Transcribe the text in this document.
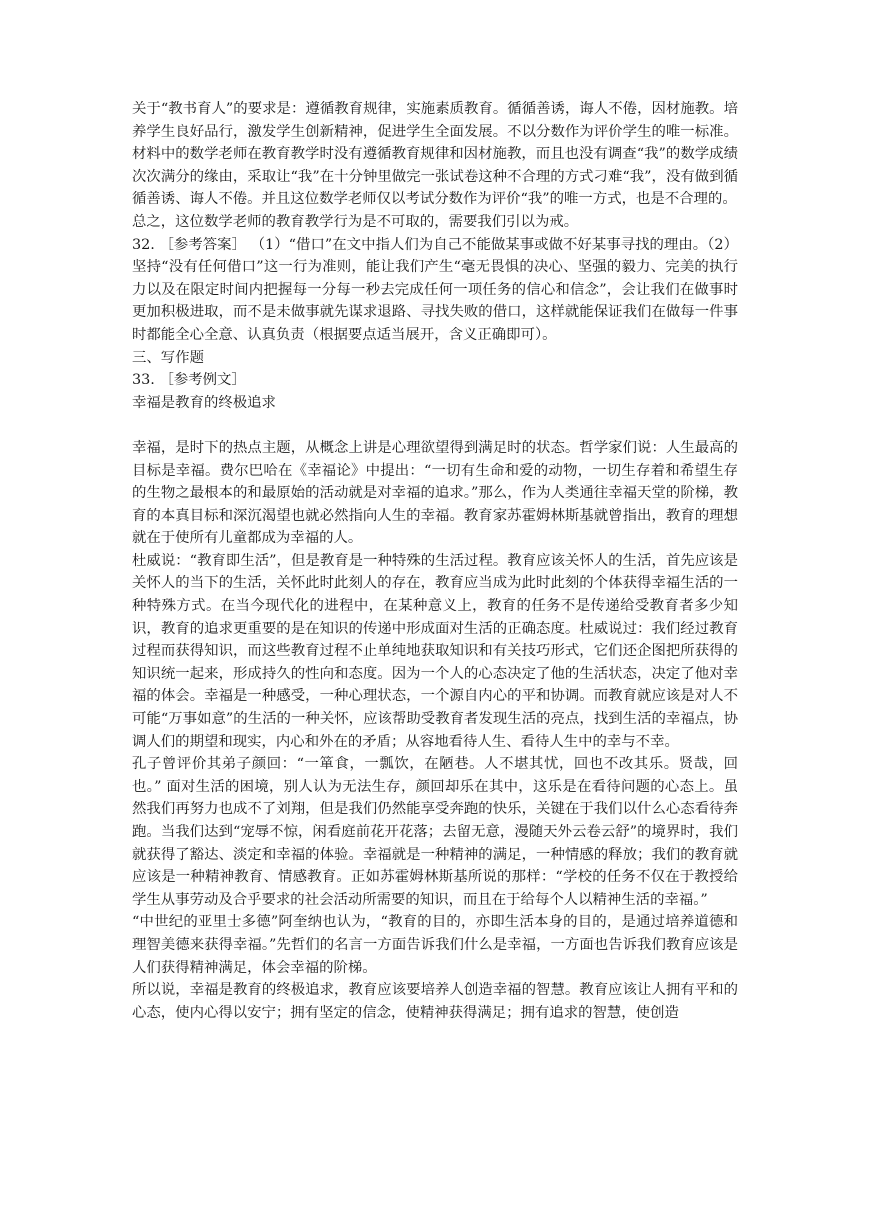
关于“教书育人”的要求是：遵循教育规律，实施素质教育。循循善诱，诲人不倦，因材施教。培养学生良好品行，激发学生创新精神，促进学生全面发展。不以分数作为评价学生的唯一标准。材料中的数学老师在教育教学时没有遵循教育规律和因材施教，而且也没有调查“我”的数学成绩次次满分的缘由，采取让“我”在十分钟里做完一张试卷这种不合理的方式刁难“我”，没有做到循循善诱、诲人不倦。并且这位数学老师仅以考试分数作为评价“我”的唯一方式，也是不合理的。

总之，这位数学老师的教育教学行为是不可取的，需要我们引以为戒。

32. ［参考答案］ （1）“借口”在文中指人们为自己不能做某事或做不好某事寻找的理由。（2）坚持“没有任何借口”这一行为准则，能让我们产生“毫无畏惧的决心、坚强的毅力、完美的执行力以及在限定时间内把握每一分每一秒去完成任何一项任务的信心和信念”，会让我们在做事时更加积极进取，而不是未做事就先谋求退路、寻找失败的借口，这样就能保证我们在做每一件事时都能全心全意、认真负责（根据要点适当展开，含义正确即可）。

三、写作题

33. ［参考例文］

幸福是教育的终极追求

幸福，是时下的热点主题，从概念上讲是心理欲望得到满足时的状态。哲学家们说：人生最高的目标是幸福。费尔巴哈在《幸福论》中提出：“一切有生命和爱的动物，一切生存着和希望生存的生物之最根本的和最原始的活动就是对幸福的追求。”那么，作为人类通往幸福天堂的阶梯，教育的本真目标和深沉渴望也就必然指向人生的幸福。教育家苏霍姆林斯基就曾指出，教育的理想就在于使所有儿童都成为幸福的人。

杜威说：“教育即生活”，但是教育是一种特殊的生活过程。教育应该关怀人的生活，首先应该是关怀人的当下的生活，关怀此时此刻人的存在，教育应当成为此时此刻的个体获得幸福生活的一种特殊方式。在当今现代化的进程中，在某种意义上，教育的任务不是传递给受教育者多少知识，教育的追求更重要的是在知识的传递中形成面对生活的正确态度。杜威说过：我们经过教育过程而获得知识，而这些教育过程不止单纯地获取知识和有关技巧形式，它们还企图把所获得的知识统一起来，形成持久的性向和态度。因为一个人的心态决定了他的生活状态，决定了他对幸福的体会。幸福是一种感受，一种心理状态，一个源自内心的平和协调。而教育就应该是对人不可能“万事如意”的生活的一种关怀，应该帮助受教育者发现生活的亮点，找到生活的幸福点，协调人们的期望和现实，内心和外在的矛盾；从容地看待人生、看待人生中的幸与不幸。

孔子曾评价其弟子颜回：“一箪食，一瓢饮，在陋巷。人不堪其忧，回也不改其乐。贤哉，回也。” 面对生活的困境，别人认为无法生存，颜回却乐在其中，这乐是在看待问题的心态上。虽然我们再努力也成不了刘翔，但是我们仍然能享受奔跑的快乐，关键在于我们以什么心态看待奔跑。当我们达到“宠辱不惊，闲看庭前花开花落；去留无意，漫随天外云卷云舒”的境界时，我们就获得了豁达、淡定和幸福的体验。幸福就是一种精神的满足，一种情感的释放；我们的教育就应该是一种精神教育、情感教育。正如苏霍姆林斯基所说的那样：“学校的任务不仅在于教授给学生从事劳动及合乎要求的社会活动所需要的知识，而且在于给每个人以精神生活的幸福。”

“中世纪的亚里士多德”阿奎纳也认为，“教育的目的，亦即生活本身的目的，是通过培养道德和理智美德来获得幸福。”先哲们的名言一方面告诉我们什么是幸福，一方面也告诉我们教育应该是人们获得精神满足，体会幸福的阶梯。

所以说，幸福是教育的终极追求，教育应该要培养人创造幸福的智慧。教育应该让人拥有平和的心态，使内心得以安宁；拥有坚定的信念，使精神获得满足；拥有追求的智慧，使创造
